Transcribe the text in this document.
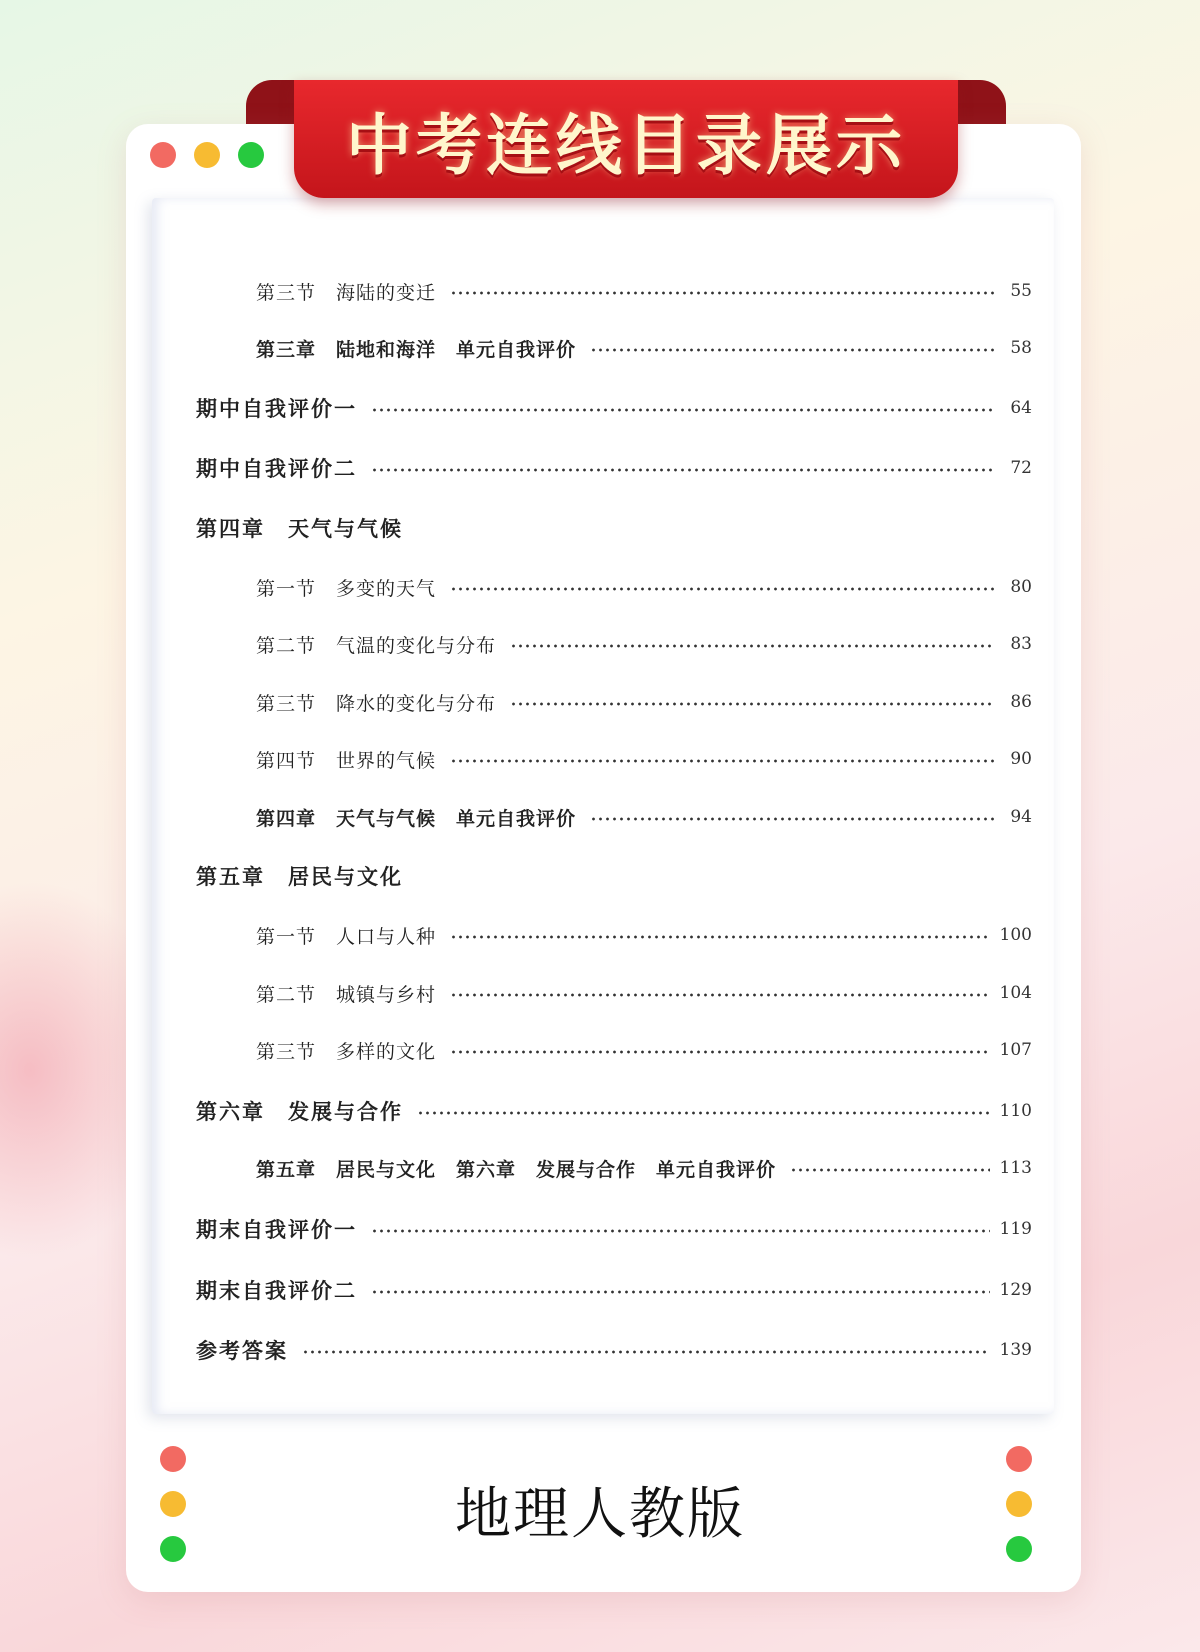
第三节　海陆的变迁	55
第三章　陆地和海洋　单元自我评价	58
期中自我评价一	64
期中自我评价二	72
第四章　天气与气候
第一节　多变的天气	80
第二节　气温的变化与分布	83
第三节　降水的变化与分布	86
第四节　世界的气候	90
第四章　天气与气候　单元自我评价	94
第五章　居民与文化
第一节　人口与人种	100
第二节　城镇与乡村	104
第三节　多样的文化	107
第六章　发展与合作	110
第五章　居民与文化　第六章　发展与合作　单元自我评价	113
期末自我评价一	119
期末自我评价二	129
参考答案	139
中考连线目录展示
地理人教版
